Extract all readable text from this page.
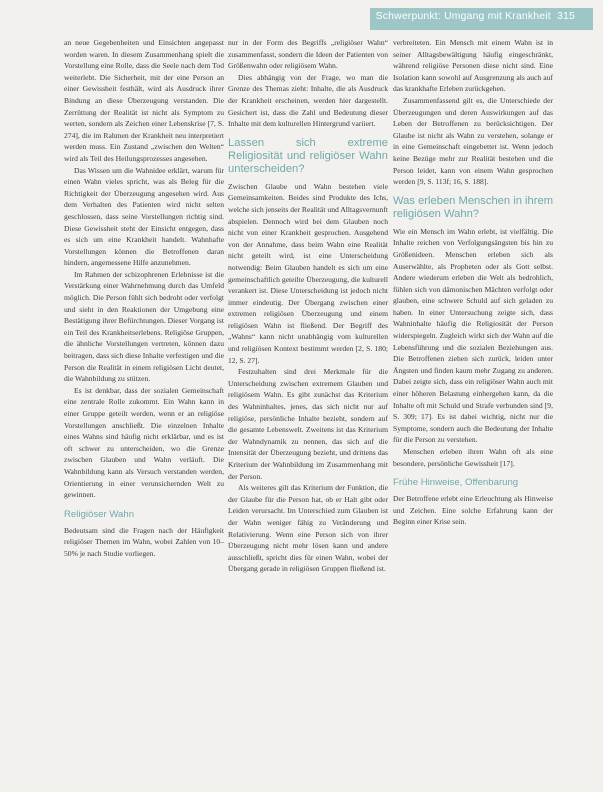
Schwerpunkt: Umgang mit Krankheit 315

an neue Gegebenheiten und Einsichten angepasst worden waren. In diesem Zusammenhang spielt die Vorstellung eine Rolle, dass die Seele nach dem Tod weiterlebt. Die Sicherheit, mit der eine Person an einer Gewissheit festhält, wird als Ausdruck ihrer Bindung an diese Überzeugung verstanden. Die Zerrüttung der Realität ist nicht als Symptom zu werten, sondern als Zeichen einer Lebenskrise [7, S. 274], die im Rahmen der Krankheit neu interpretiert werden muss. Ein Zustand „zwischen den Welten“ wird als Teil des Heilungsprozesses angesehen.

Das Wissen um die Wahnidee erklärt, warum für einen Wahn vieles spricht, was als Beleg für die Richtigkeit der Überzeugung angesehen wird. Aus dem Verhalten des Patienten wird nicht selten geschlossen, dass seine Vorstellungen richtig sind. Diese Gewissheit steht der Einsicht entgegen, dass es sich um eine Krankheit handelt. Wahnhafte Vorstellungen können die Betroffenen daran hindern, angemessene Hilfe anzunehmen.

Im Rahmen der schizophrenen Erlebnisse ist die Verstärkung einer Wahrnehmung durch das Umfeld möglich. Die Person fühlt sich bedroht oder verfolgt und sieht in den Reaktionen der Umgebung eine Bestätigung ihrer Befürchtungen. Dieser Vorgang ist ein Teil des Krankheitserlebens. Religiöse Gruppen, die ähnliche Vorstellungen vertreten, können dazu beitragen, dass sich diese Inhalte verfestigen und die Person die Realität in einem religiösen Licht deutet, die Wahnbildung zu stützen.

Es ist denkbar, dass der sozialen Gemeinschaft eine zentrale Rolle zukommt. Ein Wahn kann in einer Gruppe geteilt werden, wenn er an religiöse Vorstellungen anschließt. Die einzelnen Inhalte eines Wahns sind häufig nicht erklärbar, und es ist oft schwer zu unterscheiden, wo die Grenze zwischen Glauben und Wahn verläuft. Die Wahnbildung kann als Versuch verstanden werden, Orientierung in einer verunsichernden Welt zu gewinnen.

Religiöser Wahn

Bedeutsam sind die Fragen nach der Häufigkeit religiöser Themen im Wahn, wobei Zahlen von 10–50% je nach Studie vorliegen.

nur in der Form des Begriffs „religiöser Wahn“ zusammenfasst, sondern die Ideen der Patienten von Größenwahn oder religiösem Wahn.

Dies abhängig von der Frage, wo man die Grenze des Themas zieht: Inhalte, die als Ausdruck der Krankheit erscheinen, werden hier dargestellt. Gesichert ist, dass die Zahl und Bedeutung dieser Inhalte mit dem kulturellen Hintergrund variiert.

Lassen sich extreme Religiosität und religiöser Wahn unterscheiden?

Zwischen Glaube und Wahn bestehen viele Gemeinsamkeiten. Beides sind Produkte des Ichs, welche sich jenseits der Realität und Alltagsvernunft abspielen. Dennoch wird bei dem Glauben noch nicht von einer Krankheit gesprochen. Ausgehend von der Annahme, dass beim Wahn eine Realität nicht geteilt wird, ist eine Unterscheidung notwendig: Beim Glauben handelt es sich um eine gemeinschaftlich geteilte Überzeugung, die kulturell verankert ist. Diese Unterscheidung ist jedoch nicht immer eindeutig. Der Übergang zwischen einer extremen religiösen Überzeugung und einem religiösen Wahn ist fließend. Der Begriff des „Wahns“ kann nicht unabhängig vom kulturellen und religiösen Kontext bestimmt werden [2, S. 180; 12, S. 27].

Festzuhalten sind drei Merkmale für die Unterscheidung zwischen extremem Glauben und religiösem Wahn. Es gibt zunächst das Kriterium des Wahninhaltes, jenes, das sich nicht nur auf religiöse, persönliche Inhalte bezieht, sondern auf die gesamte Lebenswelt. Zweitens ist das Kriterium der Wahndynamik zu nennen, das sich auf die Intensität der Überzeugung bezieht, und drittens das Kriterium der Wahnbildung im Zusammenhang mit der Person.

Als weiteres gilt das Kriterium der Funktion, die der Glaube für die Person hat, ob er Halt gibt oder Leiden verursacht. Im Unterschied zum Glauben ist der Wahn weniger fähig zu Veränderung und Relativierung. Wenn eine Person sich von ihrer Überzeugung nicht mehr lösen kann und andere ausschließt, spricht dies für einen Wahn, wobei der Übergang gerade in religiösen Gruppen fließend ist.

verbreiteten. Ein Mensch mit einem Wahn ist in seiner Alltagsbewältigung häufig eingeschränkt, während religiöse Personen diese nicht sind. Eine Isolation kann sowohl auf Ausgrenzung als auch auf das krankhafte Erleben zurückgehen.

Zusammenfassend gilt es, die Unterschiede der Überzeugungen und deren Auswirkungen auf das Leben der Betroffenen zu berücksichtigen. Der Glaube ist nicht als Wahn zu verstehen, solange er in eine Gemeinschaft eingebettet ist. Wenn jedoch keine Bezüge mehr zur Realität bestehen und die Person leidet, kann von einem Wahn gesprochen werden [9, S. 113f; 16, S. 188].

Was erleben Menschen in ihrem religiösen Wahn?

Wie ein Mensch im Wahn erlebt, ist vielfältig. Die Inhalte reichen von Verfolgungsängsten bis hin zu Größenideen. Menschen erleben sich als Auserwählte, als Propheten oder als Gott selbst. Andere wiederum erleben die Welt als bedrohlich, fühlen sich von dämonischen Mächten verfolgt oder glauben, eine schwere Schuld auf sich geladen zu haben. In einer Untersuchung zeigte sich, dass Wahninhalte häufig die Religiosität der Person widerspiegeln. Zugleich wirkt sich der Wahn auf die Lebensführung und die sozialen Beziehungen aus. Die Betroffenen ziehen sich zurück, leiden unter Ängsten und finden kaum mehr Zugang zu anderen. Dabei zeigte sich, dass ein religiöser Wahn auch mit einer höheren Belastung einhergehen kann, da die Inhalte oft mit Schuld und Strafe verbunden sind [9, S. 309; 17]. Es ist dabei wichtig, nicht nur die Symptome, sondern auch die Bedeutung der Inhalte für die Person zu verstehen.

Menschen erleben ihren Wahn oft als eine besondere, persönliche Gewissheit [17].

Frühe Hinweise, Offenbarung

Der Betroffene erlebt eine Erleuchtung als Hinweise und Zeichen. Eine solche Erfahrung kann der Beginn einer Krise sein.
